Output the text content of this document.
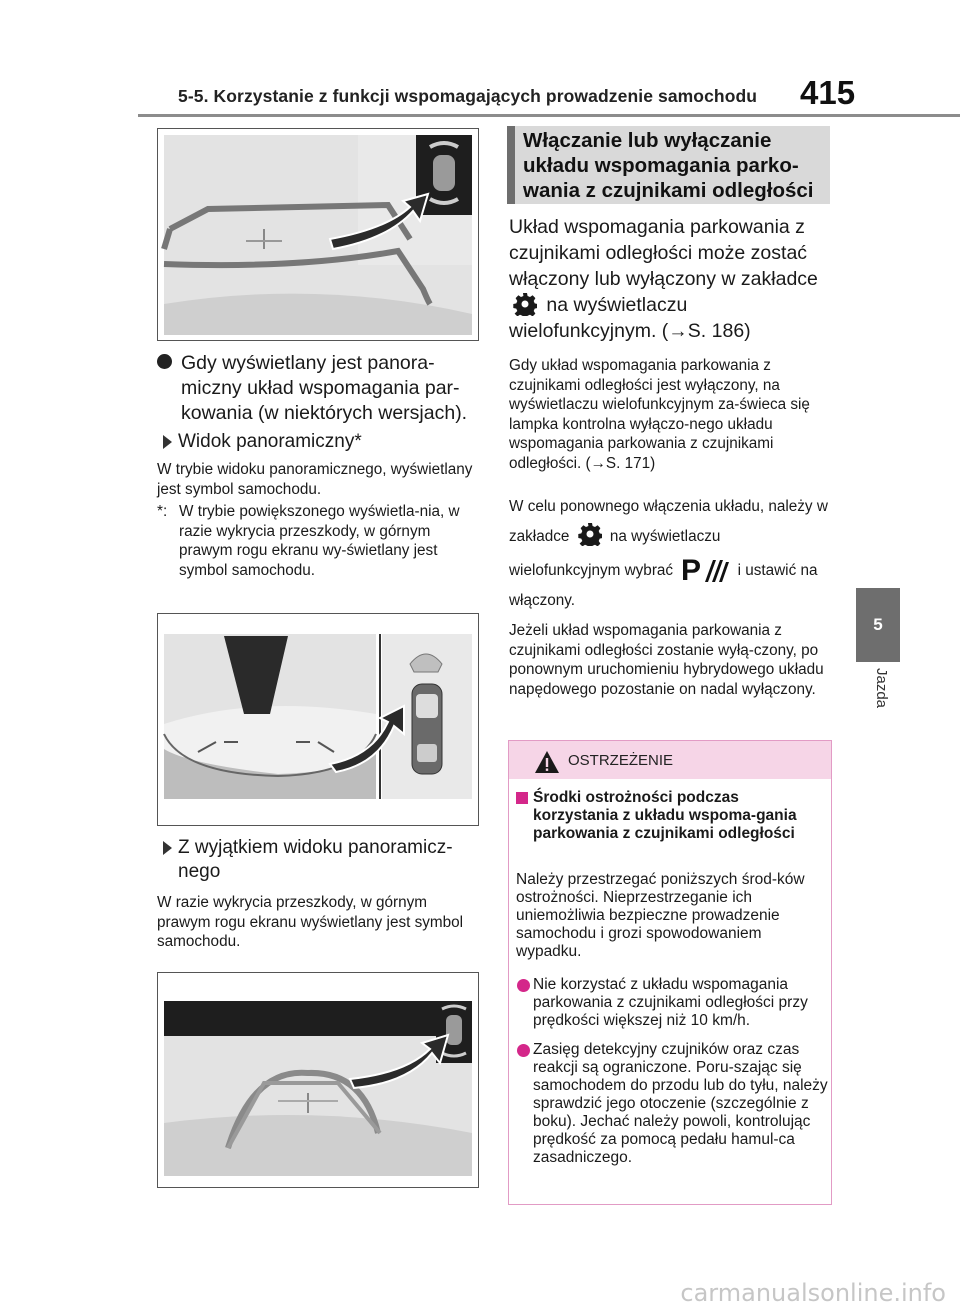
5-5. Korzystanie z funkcji wspomagających prowadzenie samochodu 415
5
Jazda
Gdy wyświetlany jest panora-miczny układ wspomagania par-kowania (w niektórych wersjach).
Widok panoramiczny*
W trybie widoku panoramicznego, wyświetlany jest symbol samochodu.
*: W trybie powiększonego wyświetla-nia, w razie wykrycia przeszkody, w górnym prawym rogu ekranu wy-świetlany jest symbol samochodu.
Z wyjątkiem widoku panoramicz-nego
W razie wykrycia przeszkody, w górnym prawym rogu ekranu wyświetlany jest symbol samochodu.
Włączanie lub wyłączanie układu wspomagania parko-wania z czujnikami odległości
Układ wspomagania parkowania z czujnikami odległości może zostać włączony lub wyłączony w zakładce  na wyświetlaczu wielofunkcyjnym. (→S. 186)
Gdy układ wspomagania parkowania z czujnikami odległości jest wyłączony, na wyświetlaczu wielofunkcyjnym za-świeca się lampka kontrolna wyłączo-nego układu wspomagania parkowania z czujnikami odległości. (→S. 171)
W celu ponownego włączenia układu, należy w zakładce	na wyświetlaczu wielofunkcyjnym wybrać P i ustawić na włączony.
Jeżeli układ wspomagania parkowania z czujnikami odległości zostanie wyłą-czony, po ponownym uruchomieniu hybrydowego układu napędowego pozostanie on nadal wyłączony.
OSTRZEŻENIE
Środki ostrożności podczas korzystania z układu wspoma-gania parkowania z czujnikami odległości
Należy przestrzegać poniższych środ-ków ostrożności. Nieprzestrzeganie ich uniemożliwia bezpieczne prowadzenie samochodu i grozi spowodowaniem wypadku.
Nie korzystać z układu wspomagania parkowania z czujnikami odległości przy prędkości większej niż 10 km/h.
Zasięg detekcyjny czujników oraz czas reakcji są ograniczone. Poru-szając się samochodem do przodu lub do tyłu, należy sprawdzić jego otoczenie (szczególnie z boku). Jechać należy powoli, kontrolując prędkość za pomocą pedału hamul-ca zasadniczego.
carmanualsonline.info
